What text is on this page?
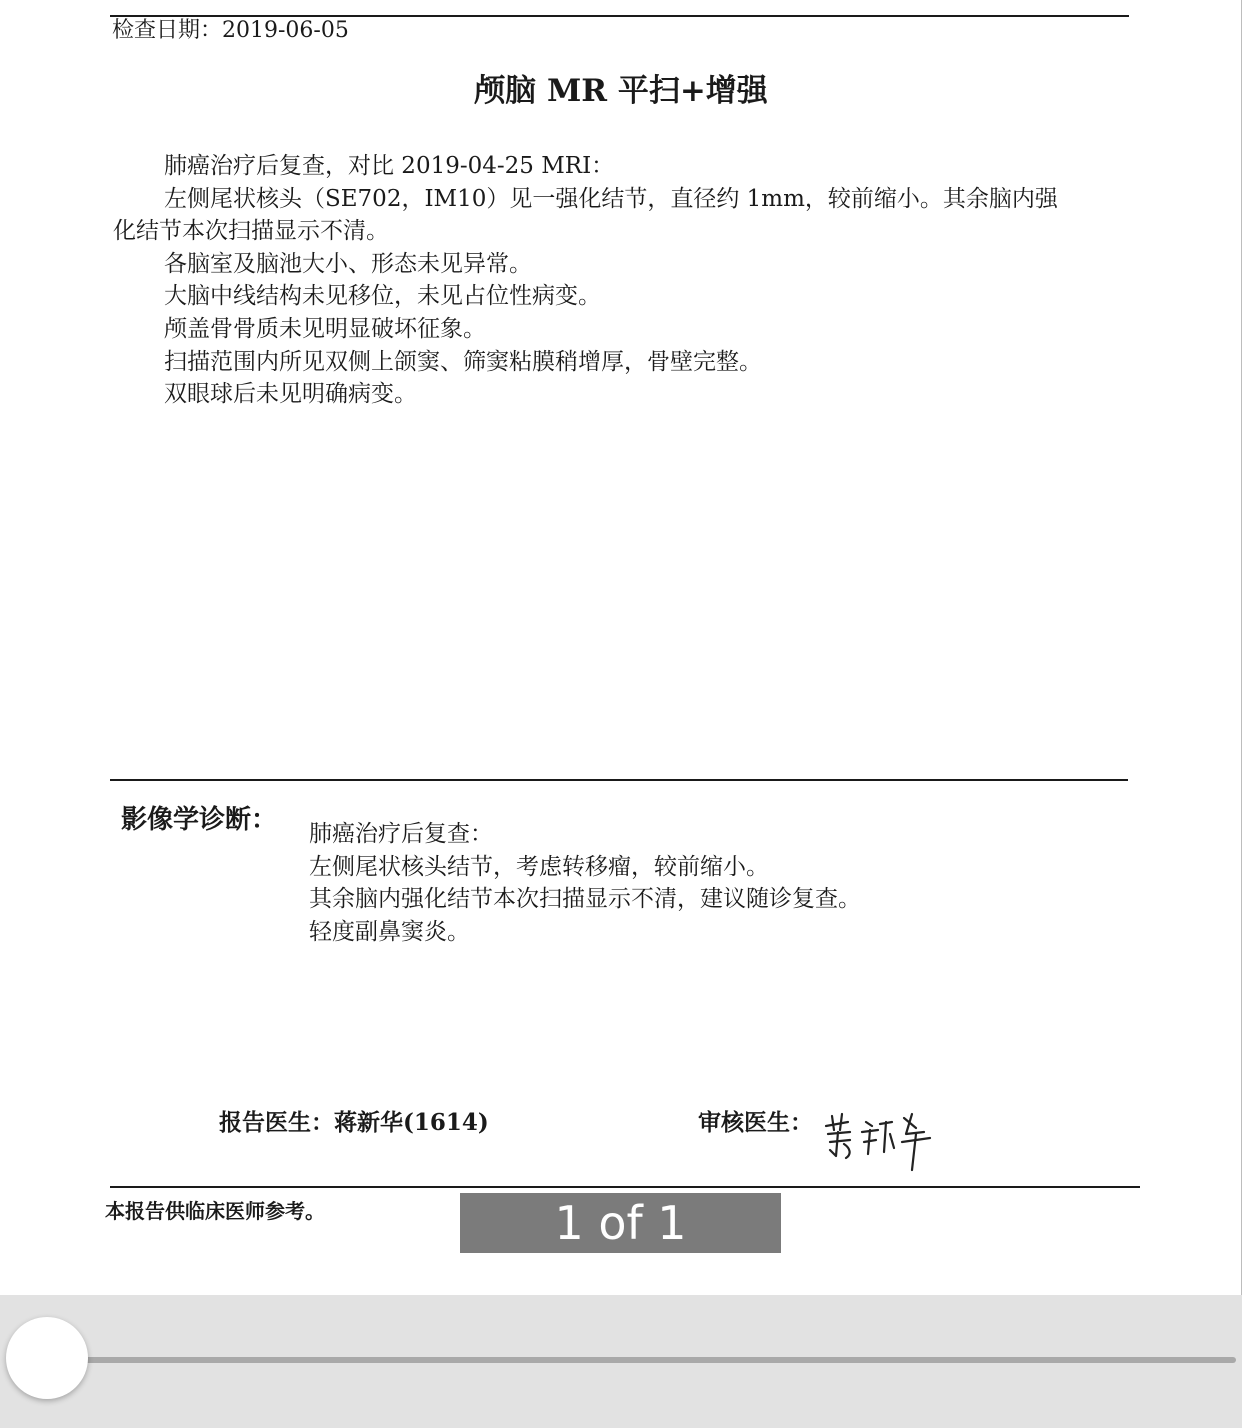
检查日期：2019-06-05
颅脑 MR 平扫+增强
肺癌治疗后复查，对比 2019-04-25 MRI：
左侧尾状核头（SE702，IM10）见一强化结节，直径约 1mm，较前缩小。其余脑内强
化结节本次扫描显示不清。
各脑室及脑池大小、形态未见异常。
大脑中线结构未见移位，未见占位性病变。
颅盖骨骨质未见明显破坏征象。
扫描范围内所见双侧上颌窦、筛窦粘膜稍增厚，骨壁完整。
双眼球后未见明确病变。
影像学诊断： 肺癌治疗后复查：
左侧尾状核头结节，考虑转移瘤，较前缩小。
其余脑内强化结节本次扫描显示不清，建议随诊复查。
轻度副鼻窦炎。
报告医生：蒋新华(1614)	审核医生：
本报告供临床医师参考。	1 of 1
